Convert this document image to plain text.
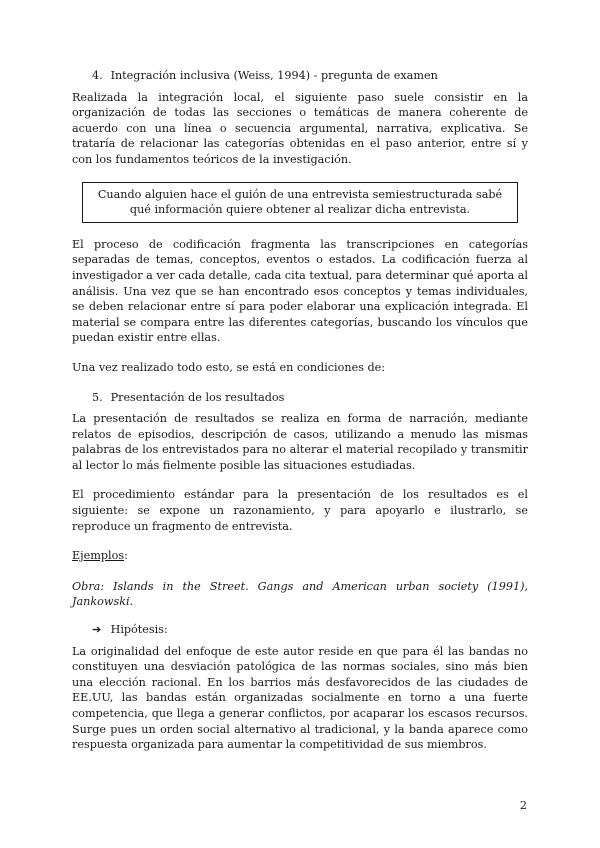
4. Integración inclusiva (Weiss, 1994) - pregunta de examen

Realizada la integración local, el siguiente paso suele consistir en la organización de todas las secciones o temáticas de manera coherente de acuerdo con una línea o secuencia argumental, narrativa, explicativa. Se trataría de relacionar las categorías obtenidas en el paso anterior, entre sí y con los fundamentos teóricos de la investigación.

Cuando alguien hace el guión de una entrevista semiestructurada sabé qué información quiere obtener al realizar dicha entrevista.

El proceso de codificación fragmenta las transcripciones en categorías separadas de temas, conceptos, eventos o estados. La codificación fuerza al investigador a ver cada detalle, cada cita textual, para determinar qué aporta al análisis. Una vez que se han encontrado esos conceptos y temas individuales, se deben relacionar entre sí para poder elaborar una explicación integrada. El material se compara entre las diferentes categorías, buscando los vínculos que puedan existir entre ellas.

Una vez realizado todo esto, se está en condiciones de:

5. Presentación de los resultados

La presentación de resultados se realiza en forma de narración, mediante relatos de episodios, descripción de casos, utilizando a menudo las mismas palabras de los entrevistados para no alterar el material recopilado y transmitir al lector lo más fielmente posible las situaciones estudiadas.

El procedimiento estándar para la presentación de los resultados es el siguiente: se expone un razonamiento, y para apoyarlo e ilustrarlo, se reproduce un fragmento de entrevista.

Ejemplos:

Obra: Islands in the Street. Gangs and American urban society (1991), Jankowski.

➔ Hipótesis:

La originalidad del enfoque de este autor reside en que para él las bandas no constituyen una desviación patológica de las normas sociales, sino más bien una elección racional. En los barrios más desfavorecidos de las ciudades de EE.UU, las bandas están organizadas socialmente en torno a una fuerte competencia, que llega a generar conflictos, por acaparar los escasos recursos. Surge pues un orden social alternativo al tradicional, y la banda aparece como respuesta organizada para aumentar la competitividad de sus miembros.

2
